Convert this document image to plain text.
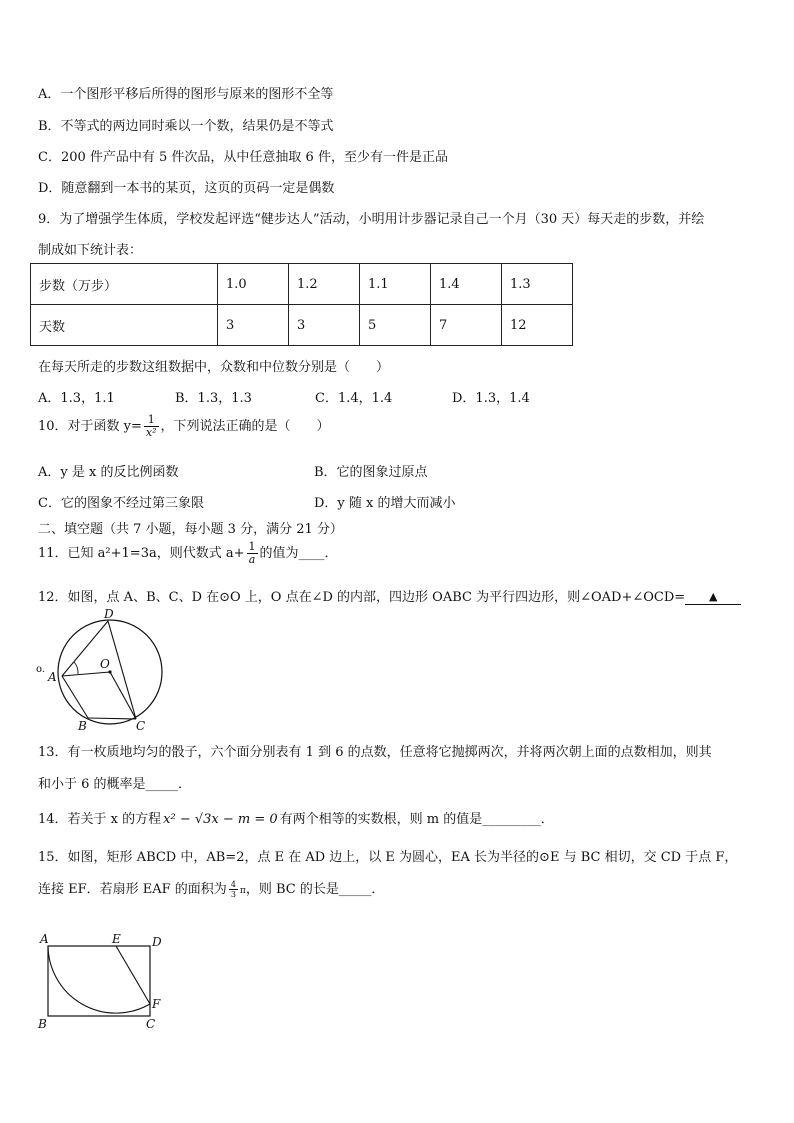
A．一个图形平移后所得的图形与原来的图形不全等
B．不等式的两边同时乘以一个数，结果仍是不等式
C．200 件产品中有 5 件次品，从中任意抽取 6 件，至少有一件是正品
D．随意翻到一本书的某页，这页的页码一定是偶数
9．为了增强学生体质，学校发起评选“健步达人”活动，小明用计步器记录自己一个月（30 天）每天走的步数，并绘
制成如下统计表：
步数（万步）	1.0	1.2	1.1	1.4	1.3
天数	3	3	5	7	12
在每天所走的步数这组数据中，众数和中位数分别是（　　）
A．1.3，1.1	B．1.3，1.3	C．1.4，1.4	D．1.3，1.4
10．对于函数 $y= \frac{1}{\text{x²}}$ ，下列说法正确的是（　　）
A．y 是 x 的反比例函数	B．它的图象过原点
C．它的图象不经过第三象限	D．y 随 x 的增大而减小
二、填空题（共 7 小题，每小题 3 分，满分 21 分）
11．已知 a²+1=3a，则代数式 $a+ \frac{1}{a}$ 的值为____．
12．如图，点 A、B、C、D 在⊙O 上，O 点在∠D 的内部，四边形 OABC 为平行四边形，则∠OAD+∠OCD= ▲
D
O
o.
A
B	C
13．有一枚质地均匀的骰子，六个面分别表有 1 到 6 的点数，任意将它抛掷两次，并将两次朝上面的点数相加，则其
和小于 6 的概率是_____．
14．若关于 x 的方程 x² − √3x − m = 0 有两个相等的实数根，则 m 的值是_________．
15．如图，矩形 ABCD 中，AB=2，点 E 在 AD 边上，以 E 为圆心，EA 长为半径的⊙E 与 BC 相切，交 CD 于点 F，
连接 EF．若扇形 EAF 的面积为 $\frac{4}{3}$ π，则 BC 的长是_____．
A	E	D
F
B	C
